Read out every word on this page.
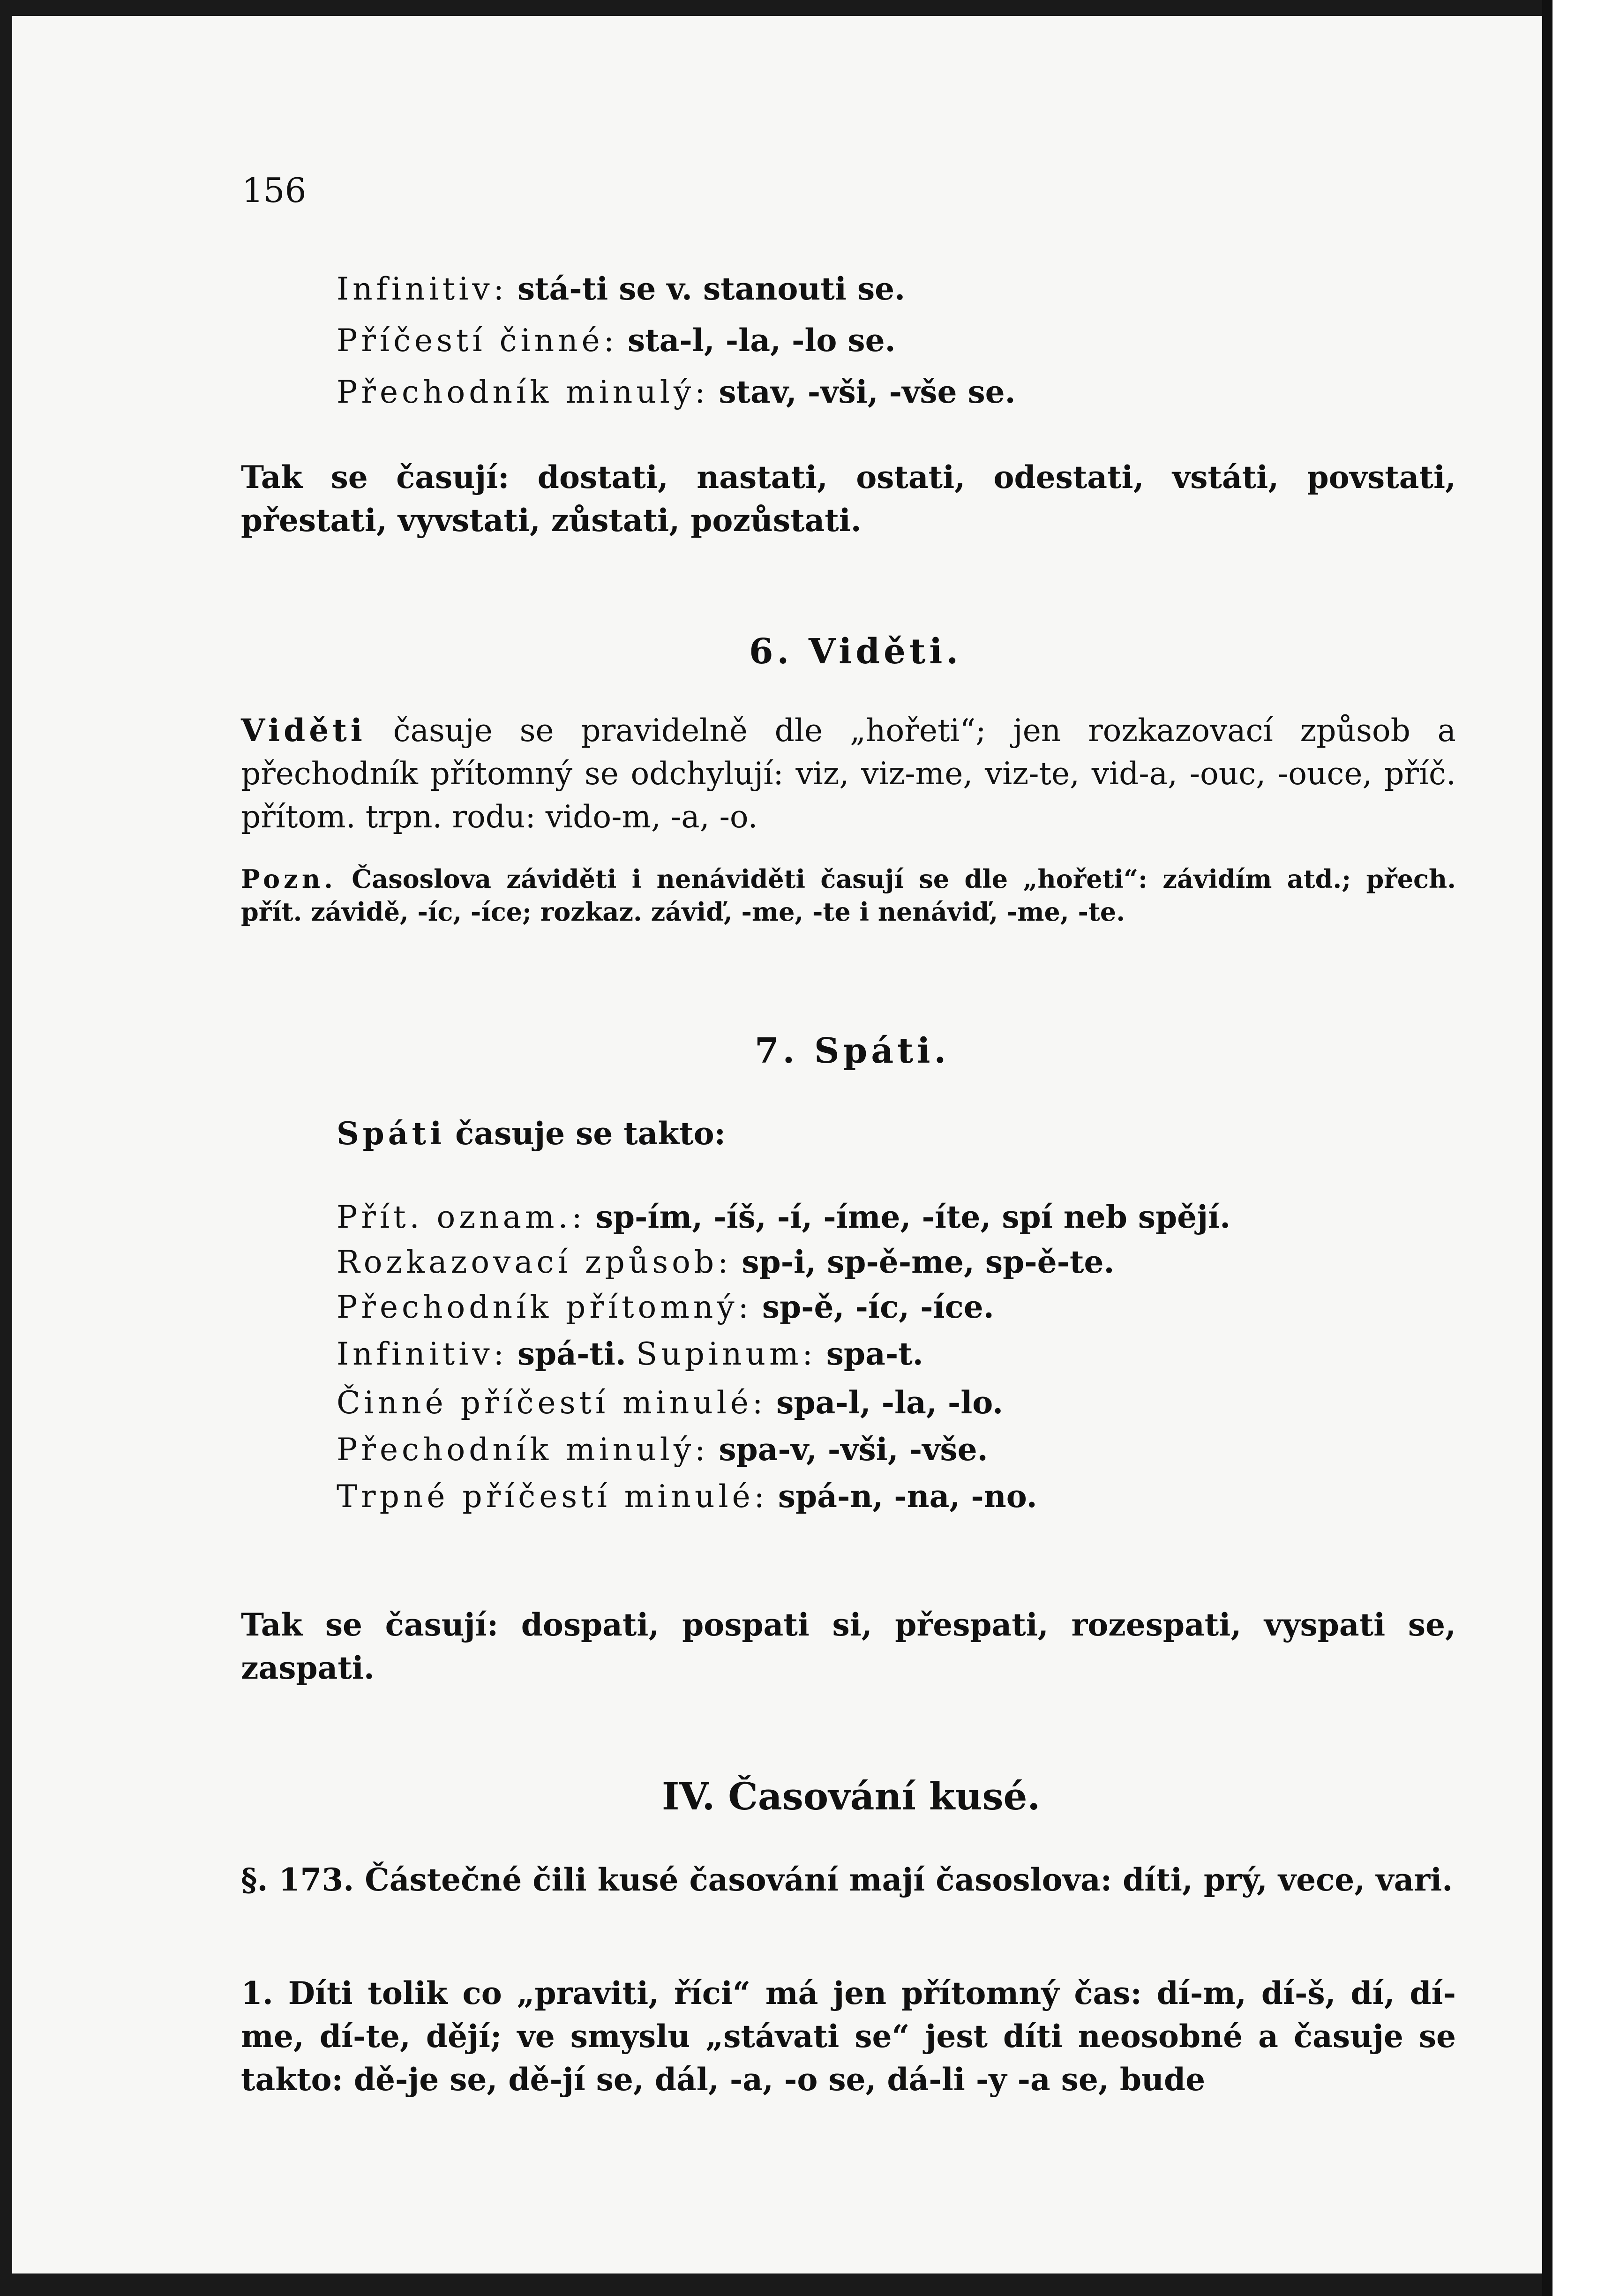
156
Infinitiv: stá-ti se v. stanouti se.
Příčestí činné: sta-l, -la, -lo se.
Přechodník minulý: stav, -vši, -vše se.
Tak se časují: dostati, nastati, ostati, odestati, vstáti, povstati, přestati, vyvstati, zůstati, pozůstati.
6. Viděti.
Viděti časuje se pravidelně dle „hořeti“; jen rozkazovací způsob a přechodník přítomný se odchylují: viz, viz-me, viz-te, vid-a, -ouc, -ouce, příč. přítom. trpn. rodu: vido-m, -a, -o.
Pozn. Časoslova záviděti i nenáviděti časují se dle „hořeti“: závidím atd.; přech. přít. závidě, -íc, -íce; rozkaz. záviď, -me, -te i nenáviď, -me, -te.
7. Spáti.
Spáti časuje se takto:
Přít. oznam.: sp-ím, -íš, -í, -íme, -íte, spí neb spějí.
Rozkazovací způsob: sp-i, sp-ě-me, sp-ě-te.
Přechodník přítomný: sp-ě, -íc, -íce.
Infinitiv: spá-ti. Supinum: spa-t.
Činné příčestí minulé: spa-l, -la, -lo.
Přechodník minulý: spa-v, -vši, -vše.
Trpné příčestí minulé: spá-n, -na, -no.
Tak se časují: dospati, pospati si, přespati, rozespati, vyspati se, zaspati.
IV. Časování kusé.
§. 173. Částečné čili kusé časování mají časoslova: díti, prý, vece, vari.
1. Díti tolik co „praviti, říci“ má jen přítomný čas: dí-m, dí-š, dí, dí-me, dí-te, dějí; ve smyslu „stávati se“ jest díti neosobné a časuje se takto: dě-je se, dě-jí se, dál, -a, -o se, dá-li -y -a se, bude
